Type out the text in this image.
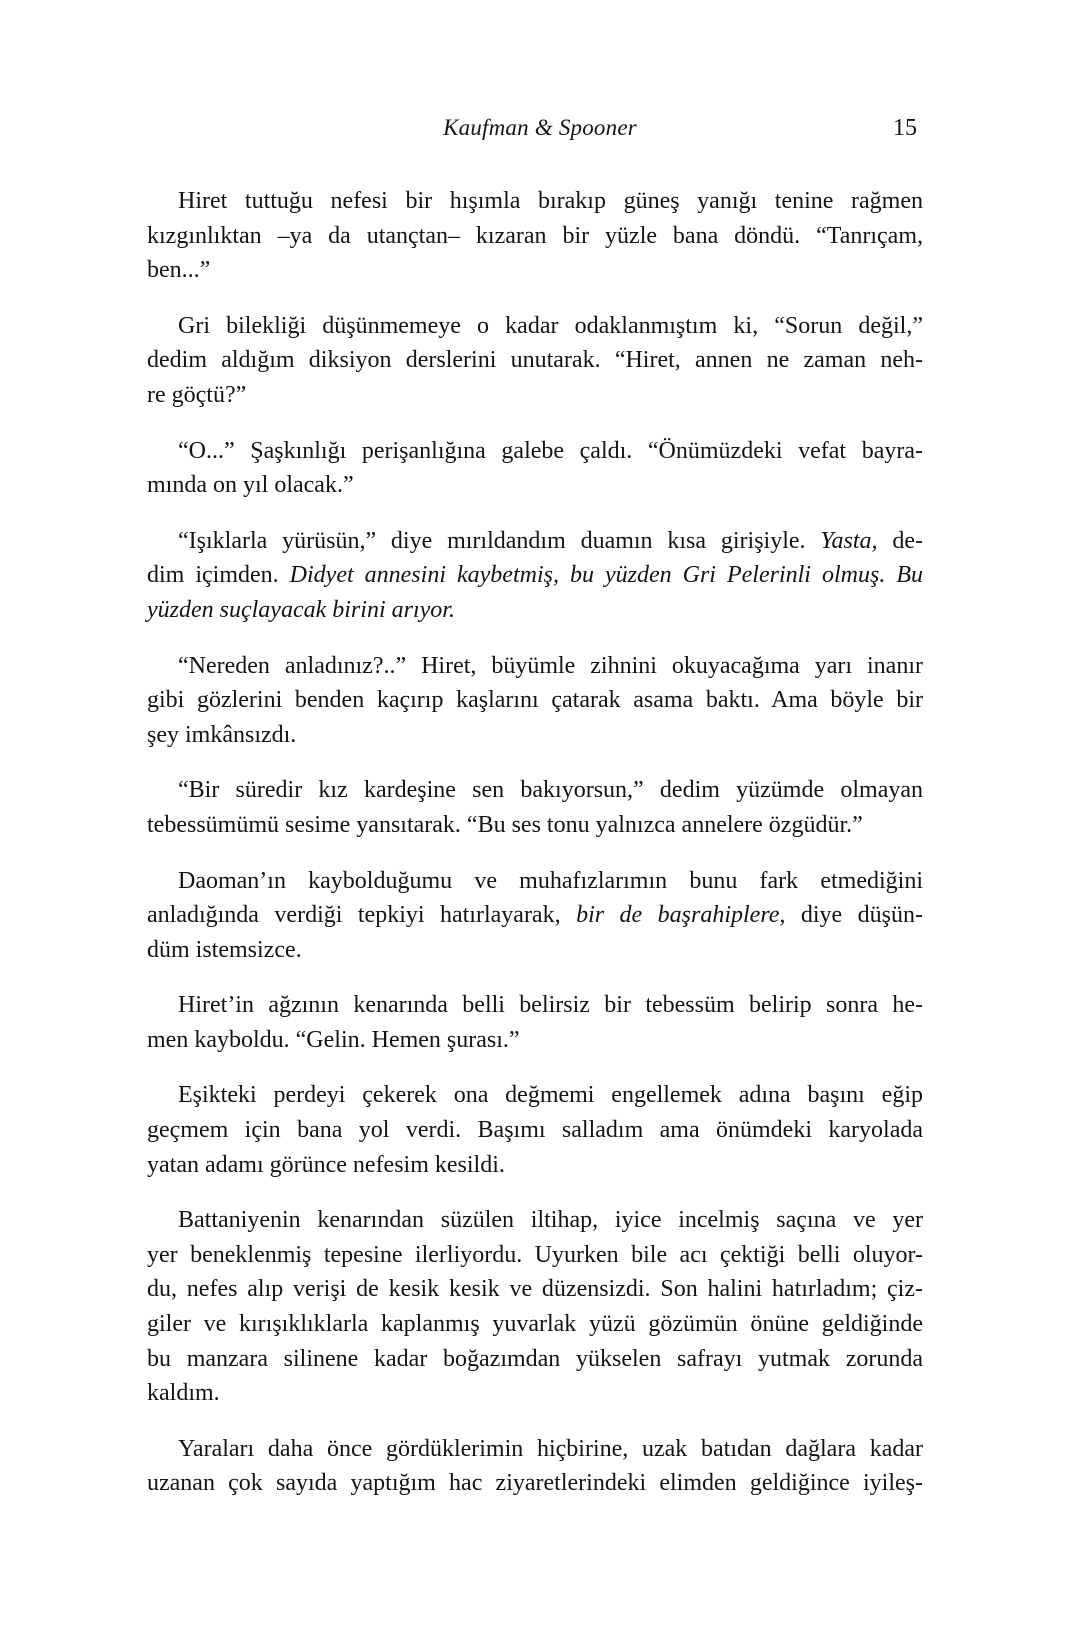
Kaufman & Spooner	15

Hiret tuttuğu nefesi bir hışımla bırakıp güneş yanığı tenine rağmen
kızgınlıktan –ya da utançtan– kızaran bir yüzle bana döndü. “Tanrıçam,
ben...”

Gri bilekliği düşünmemeye o kadar odaklanmıştım ki, “Sorun değil,”
dedim aldığım diksiyon derslerini unutarak. “Hiret, annen ne zaman neh-
re göçtü?”

“O...” Şaşkınlığı perişanlığına galebe çaldı. “Önümüzdeki vefat bayra-
mında on yıl olacak.”

“Işıklarla yürüsün,” diye mırıldandım duamın kısa girişiyle. Yasta, de-
dim içimden. Didyet annesini kaybetmiş, bu yüzden Gri Pelerinli olmuş. Bu
yüzden suçlayacak birini arıyor.

“Nereden anladınız?..” Hiret, büyümle zihnini okuyacağıma yarı inanır
gibi gözlerini benden kaçırıp kaşlarını çatarak asama baktı. Ama böyle bir
şey imkânsızdı.

“Bir süredir kız kardeşine sen bakıyorsun,” dedim yüzümde olmayan
tebessümümü sesime yansıtarak. “Bu ses tonu yalnızca annelere özgüdür.”

Daoman’ın kaybolduğumu ve muhafızlarımın bunu fark etmediğini
anladığında verdiği tepkiyi hatırlayarak, bir de başrahiplere, diye düşün-
düm istemsizce.

Hiret’in ağzının kenarında belli belirsiz bir tebessüm belirip sonra he-
men kayboldu. “Gelin. Hemen şurası.”

Eşikteki perdeyi çekerek ona değmemi engellemek adına başını eğip
geçmem için bana yol verdi. Başımı salladım ama önümdeki karyolada
yatan adamı görünce nefesim kesildi.

Battaniyenin kenarından süzülen iltihap, iyice incelmiş saçına ve yer
yer beneklenmiş tepesine ilerliyordu. Uyurken bile acı çektiği belli oluyor-
du, nefes alıp verişi de kesik kesik ve düzensizdi. Son halini hatırladım; çiz-
giler ve kırışıklıklarla kaplanmış yuvarlak yüzü gözümün önüne geldiğinde
bu manzara silinene kadar boğazımdan yükselen safrayı yutmak zorunda
kaldım.

Yaraları daha önce gördüklerimin hiçbirine, uzak batıdan dağlara kadar
uzanan çok sayıda yaptığım hac ziyaretlerindeki elimden geldiğince iyileş-
